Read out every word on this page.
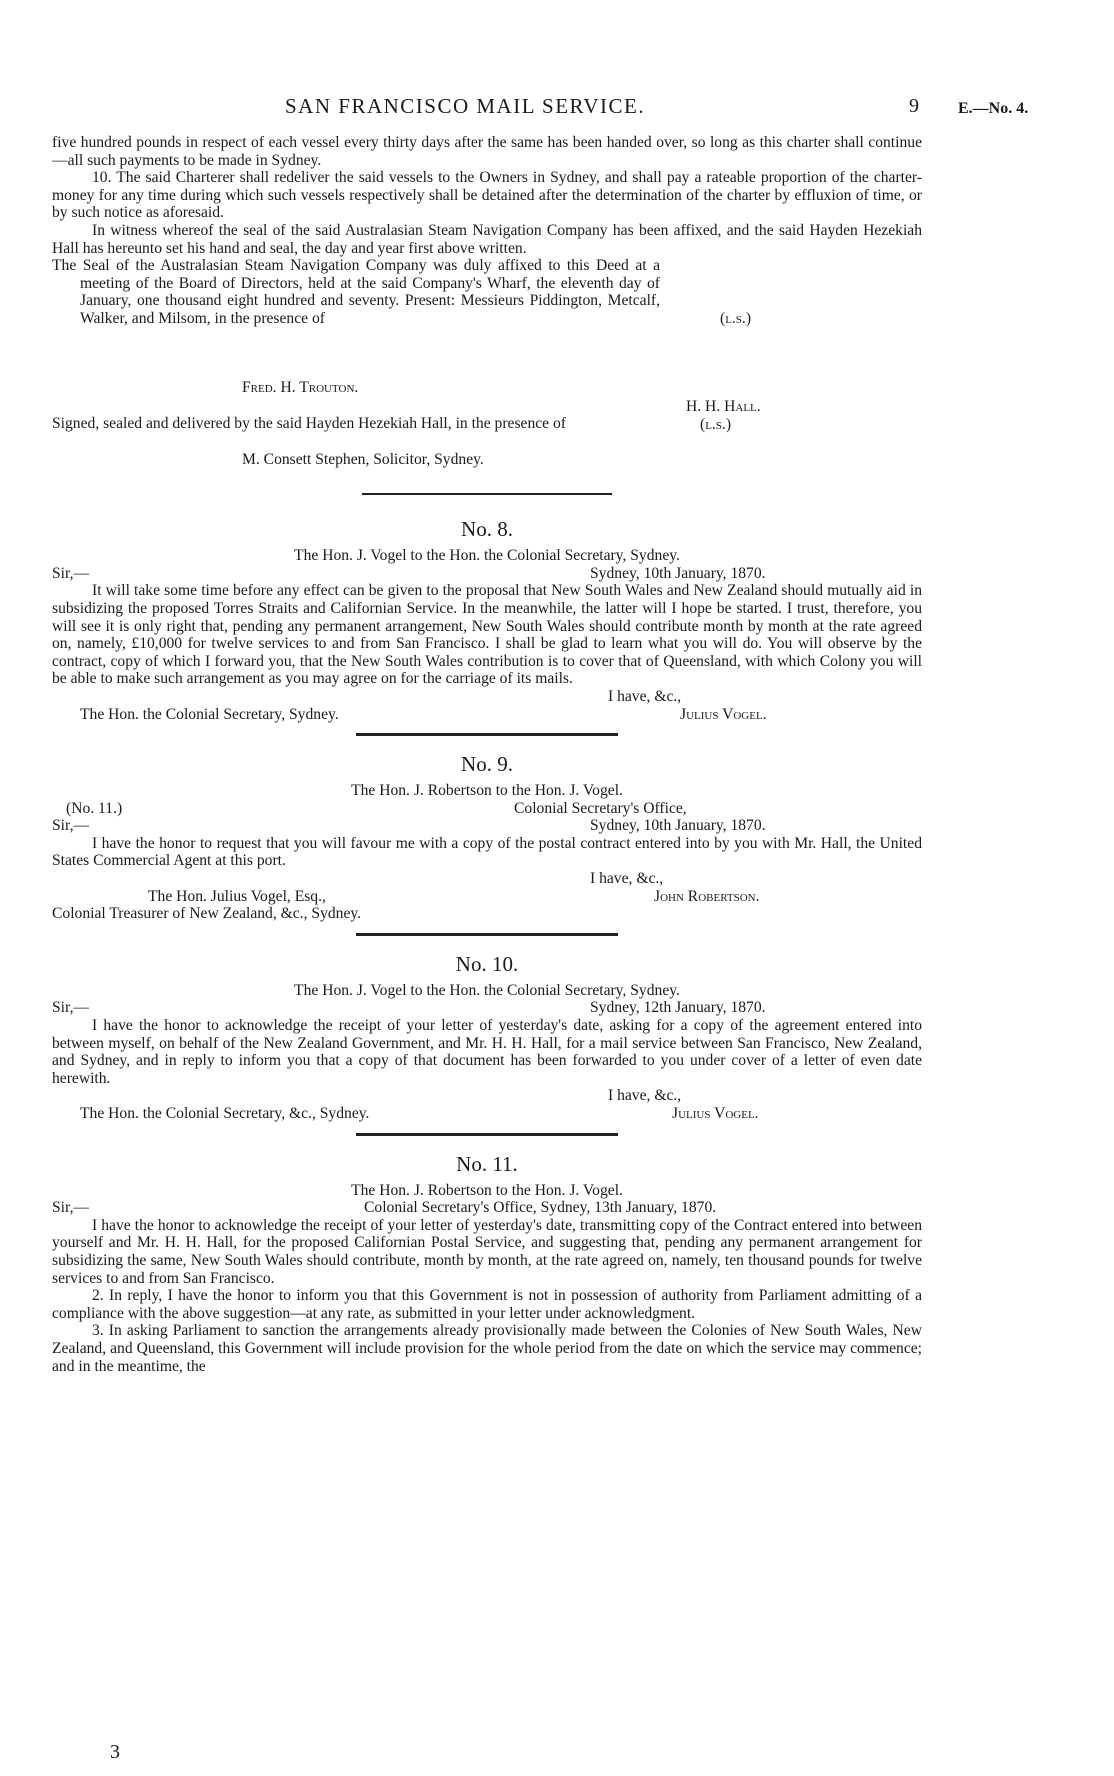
SAN FRANCISCO MAIL SERVICE.	9 E.—No. 4.

five hundred pounds in respect of each vessel every thirty days after the same has been handed over, so long as this charter shall continue—all such payments to be made in Sydney.

10. The said Charterer shall redeliver the said vessels to the Owners in Sydney, and shall pay a rateable proportion of the charter-money for any time during which such vessels respectively shall be detained after the determination of the charter by effluxion of time, or by such notice as aforesaid.

In witness whereof the seal of the said Australasian Steam Navigation Company has been affixed, and the said Hayden Hezekiah Hall has hereunto set his hand and seal, the day and year first above written.

The Seal of the Australasian Steam Navigation Company was duly affixed to this Deed at a meeting of the Board of Directors, held at the said Company's Wharf, the eleventh day of January, one thousand eight hundred and seventy. Present: Messieurs Piddington, Metcalf, Walker, and Milsom, in the presence of

Fred. H. Trouton.
(l.s.)
H. H. Hall.
(l.s.)

Signed, sealed and delivered by the said Hayden Hezekiah Hall, in the presence of

M. Consett Stephen, Solicitor, Sydney.
No. 8.
The Hon. J. Vogel to the Hon. the Colonial Secretary, Sydney.
Sir,—	Sydney, 10th January, 1870.

It will take some time before any effect can be given to the proposal that New South Wales and New Zealand should mutually aid in subsidizing the proposed Torres Straits and Californian Service. In the meanwhile, the latter will I hope be started. I trust, therefore, you will see it is only right that, pending any permanent arrangement, New South Wales should contribute month by month at the rate agreed on, namely, £10,000 for twelve services to and from San Francisco. I shall be glad to learn what you will do. You will observe by the contract, copy of which I forward you, that the New South Wales contribution is to cover that of Queensland, with which Colony you will be able to make such arrangement as you may agree on for the carriage of its mails.

I have, &c.,
The Hon. the Colonial Secretary, Sydney.	Julius Vogel.
No. 9.
The Hon. J. Robertson to the Hon. J. Vogel.
(No. 11.)	Colonial Secretary's Office,
Sir,—	Sydney, 10th January, 1870.

I have the honor to request that you will favour me with a copy of the postal contract entered into by you with Mr. Hall, the United States Commercial Agent at this port.

I have, &c.,
The Hon. Julius Vogel, Esq.,	John Robertson.
Colonial Treasurer of New Zealand, &c., Sydney.
No. 10.
The Hon. J. Vogel to the Hon. the Colonial Secretary, Sydney.
Sir,—	Sydney, 12th January, 1870.

I have the honor to acknowledge the receipt of your letter of yesterday's date, asking for a copy of the agreement entered into between myself, on behalf of the New Zealand Government, and Mr. H. H. Hall, for a mail service between San Francisco, New Zealand, and Sydney, and in reply to inform you that a copy of that document has been forwarded to you under cover of a letter of even date herewith.

I have, &c.,
The Hon. the Colonial Secretary, &c., Sydney.	Julius Vogel.
No. 11.
The Hon. J. Robertson to the Hon. J. Vogel.
Sir,—	Colonial Secretary's Office, Sydney, 13th January, 1870.

I have the honor to acknowledge the receipt of your letter of yesterday's date, transmitting copy of the Contract entered into between yourself and Mr. H. H. Hall, for the proposed Californian Postal Service, and suggesting that, pending any permanent arrangement for subsidizing the same, New South Wales should contribute, month by month, at the rate agreed on, namely, ten thousand pounds for twelve services to and from San Francisco.

2. In reply, I have the honor to inform you that this Government is not in possession of authority from Parliament admitting of a compliance with the above suggestion—at any rate, as submitted in your letter under acknowledgment.

3. In asking Parliament to sanction the arrangements already provisionally made between the Colonies of New South Wales, New Zealand, and Queensland, this Government will include provision for the whole period from the date on which the service may commence; and in the meantime, the

3
